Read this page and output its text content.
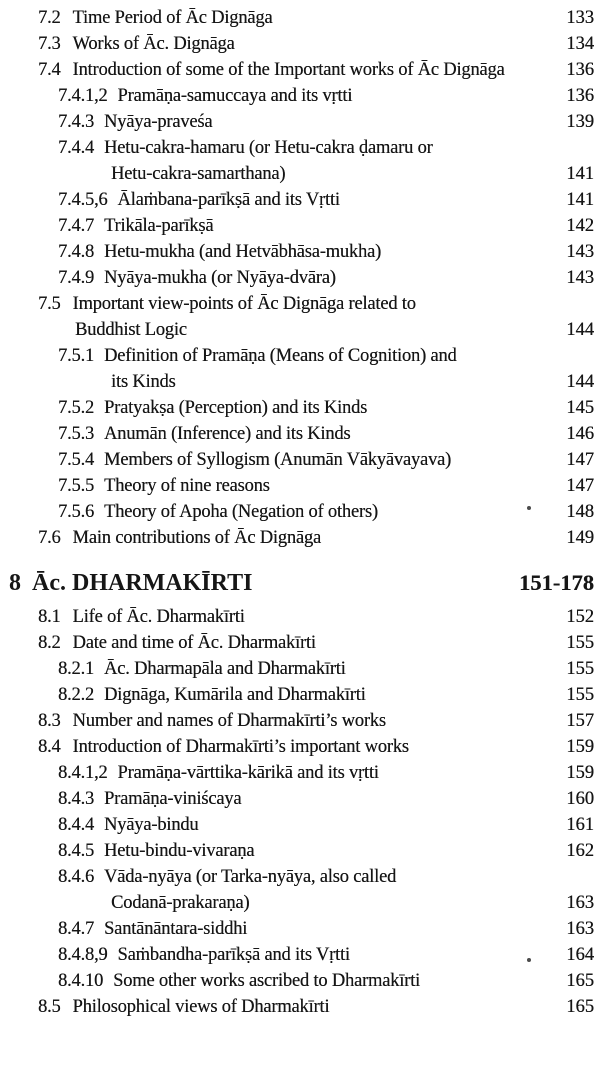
7.2 Time Period of Āc Dignāga	133
7.3 Works of Āc. Dignāga	134
7.4 Introduction of some of the Important works of Āc Dignāga	136
7.4.1,2 Pramāṇa-samuccaya and its vṛtti	136
7.4.3 Nyāya-praveśa	139
7.4.4 Hetu-cakra-hamaru (or Hetu-cakra ḍamaru or
Hetu-cakra-samarthana)	141
7.4.5,6 Ālaṁbana-parīkṣā and its Vṛtti	141
7.4.7 Trikāla-parīkṣā	142
7.4.8 Hetu-mukha (and Hetvābhāsa-mukha)	143
7.4.9 Nyāya-mukha (or Nyāya-dvāra)	143
7.5 Important view-points of Āc Dignāga related to
Buddhist Logic	144
7.5.1 Definition of Pramāṇa (Means of Cognition) and
its Kinds	144
7.5.2 Pratyakṣa (Perception) and its Kinds	145
7.5.3 Anumān (Inference) and its Kinds	146
7.5.4 Members of Syllogism (Anumān Vākyāvayava)	147
7.5.5 Theory of nine reasons	147
7.5.6 Theory of Apoha (Negation of others)	148
7.6 Main contributions of Āc Dignāga	149
8 Āc. DHARMAKĪRTI	151-178
8.1 Life of Āc. Dharmakīrti	152
8.2 Date and time of Āc. Dharmakīrti	155
8.2.1 Āc. Dharmapāla and Dharmakīrti	155
8.2.2 Dignāga, Kumārila and Dharmakīrti	155
8.3 Number and names of Dharmakīrti’s works	157
8.4 Introduction of Dharmakīrti’s important works	159
8.4.1,2 Pramāṇa-vārttika-kārikā and its vṛtti	159
8.4.3 Pramāṇa-viniścaya	160
8.4.4 Nyāya-bindu	161
8.4.5 Hetu-bindu-vivaraṇa	162
8.4.6 Vāda-nyāya (or Tarka-nyāya, also called
Codanā-prakaraṇa)	163
8.4.7 Santānāntara-siddhi	163
8.4.8,9 Saṁbandha-parīkṣā and its Vṛtti	164
8.4.10 Some other works ascribed to Dharmakīrti	165
8.5 Philosophical views of Dharmakīrti	165
